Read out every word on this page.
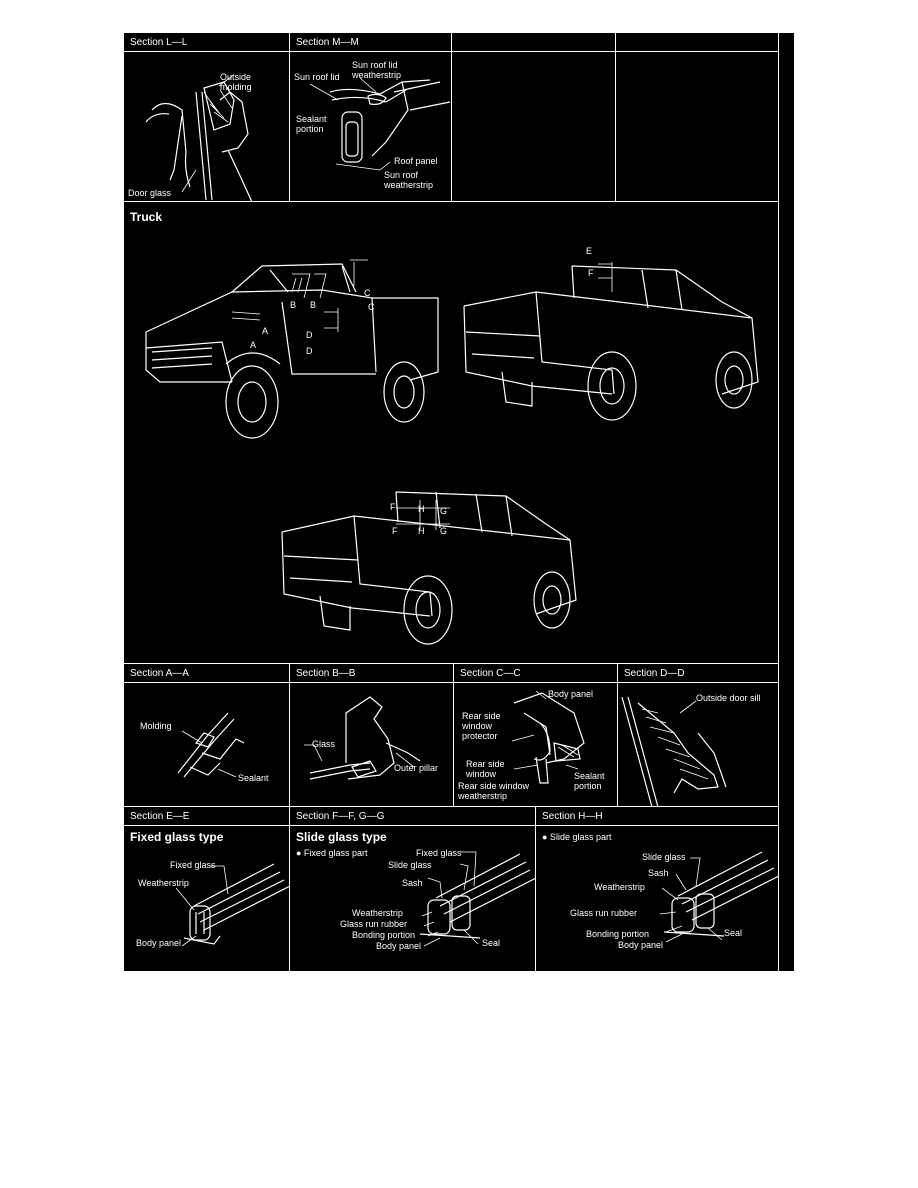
Section L—L	Section M—M
Outside
molding
Door glass
Sun roof lid
Sun roof lid
weatherstrip
Sealant
portion
Roof panel
Sun roof
weatherstrip
Truck
A
A
B B
C
C
D
D
E
F
F	H G
F H G
Section A—A	Section B—B	Section C—C	Section D—D
Molding
Sealant
Glass
Outer pillar
Body panel
Rear side
window
protector
Rear side
window
Rear side window
weatherstrip
Sealant
portion
Outside door sill
Section E—E	Section F—F, G—G	Section H—H
Fixed glass type
Fixed glass
Weatherstrip
Body panel
Slide glass type
● Fixed glass part	Fixed glass
Slide glass
Sash
Weatherstrip
Glass run rubber
Bonding portion
Body panel	Seal
● Slide glass part
Slide glass
Sash
Weatherstrip
Glass run rubber
Bonding portion
Body panel
Seal
